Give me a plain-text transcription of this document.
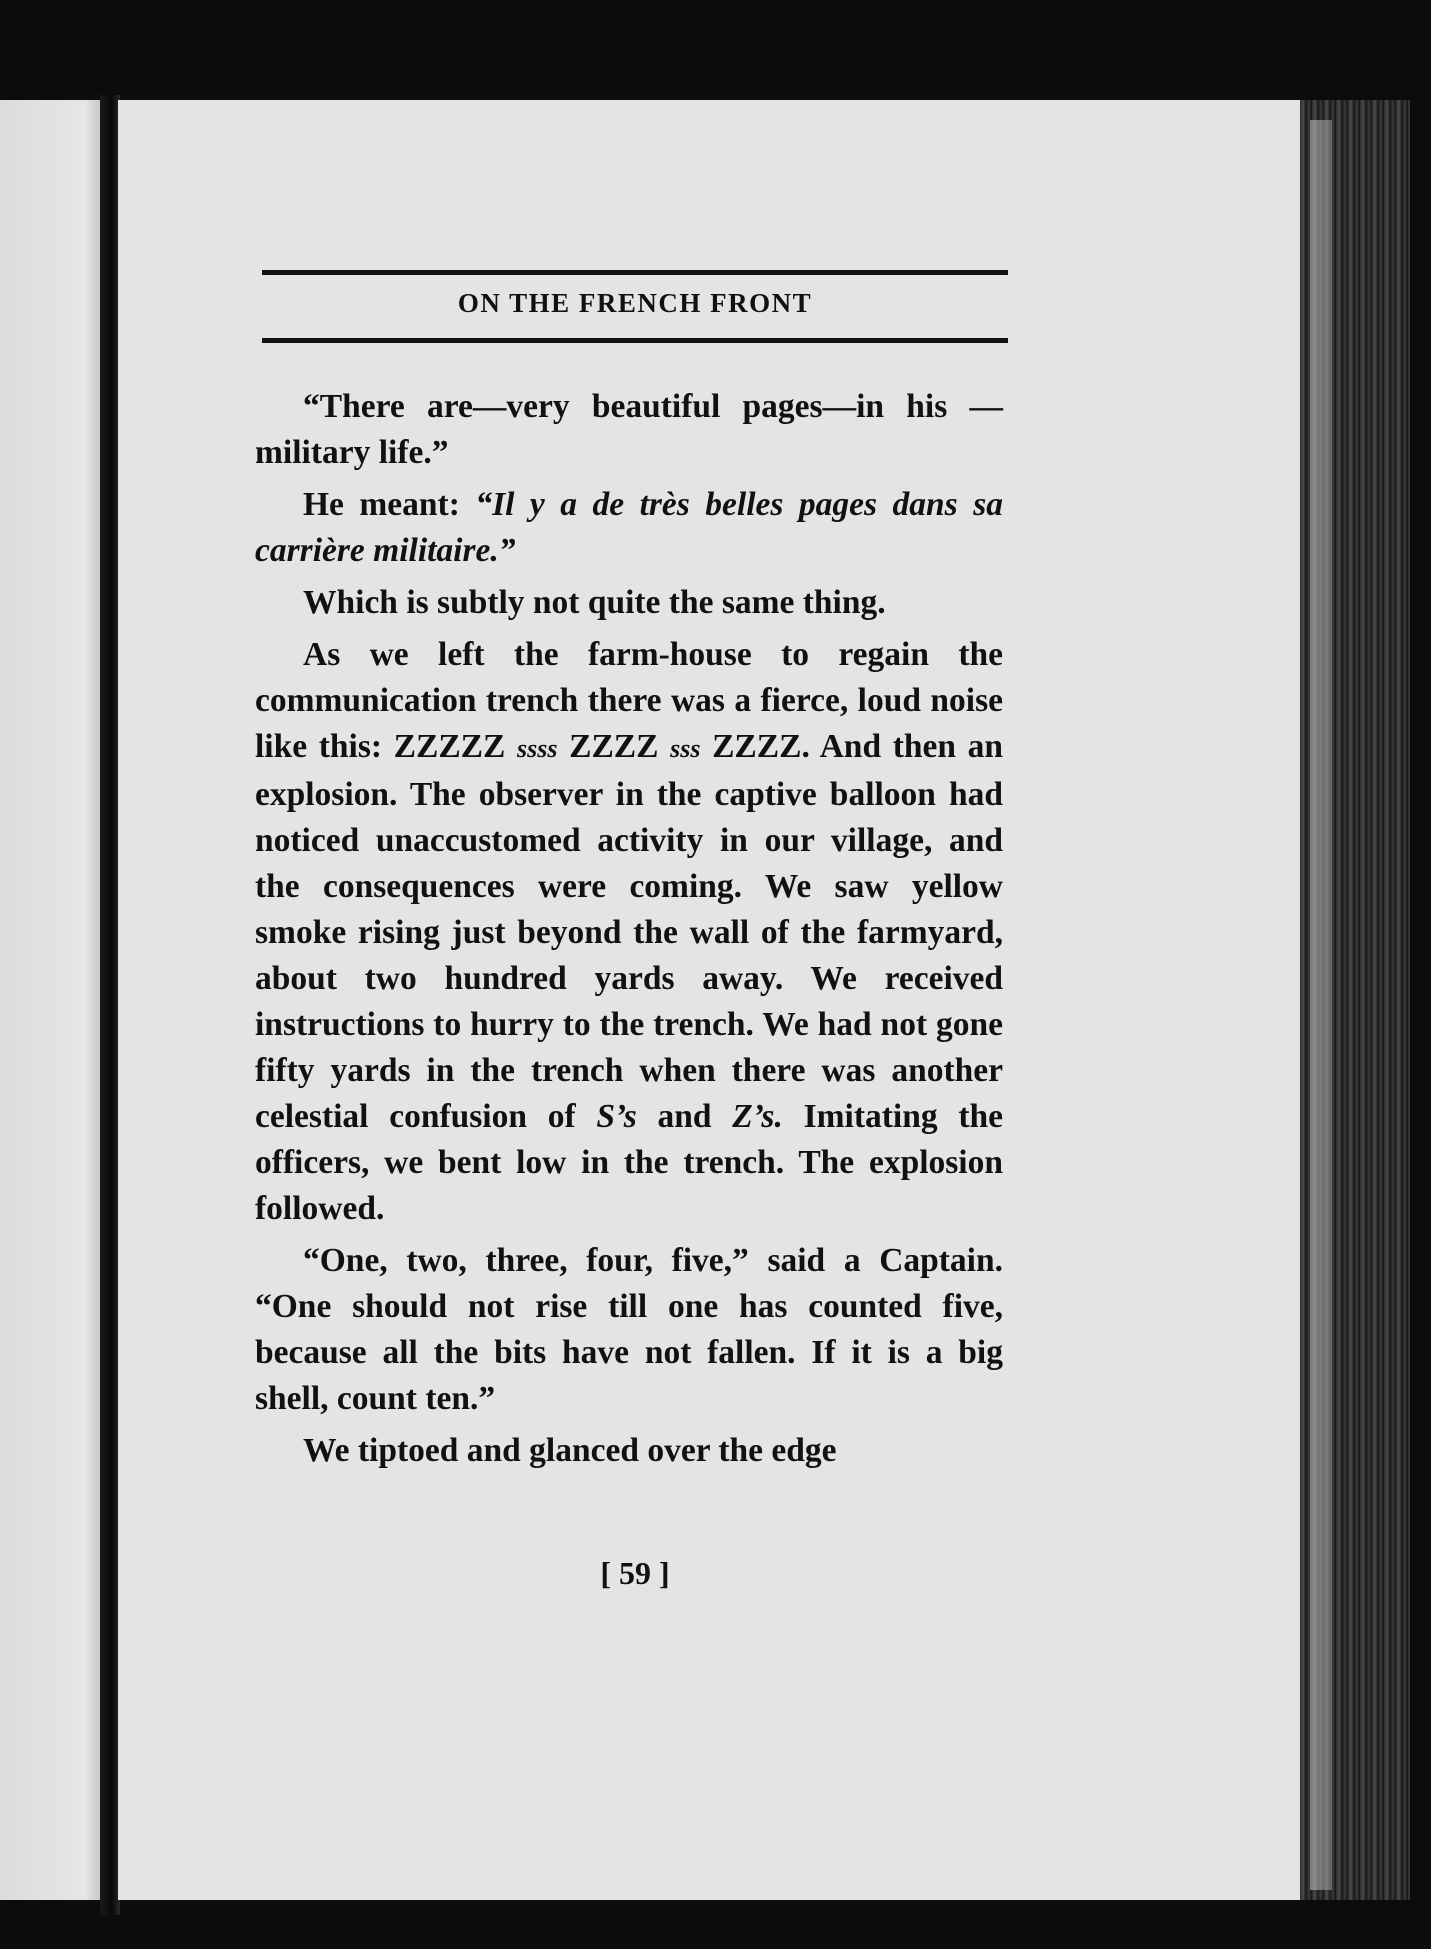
ON THE FRENCH FRONT

“There are—very beautiful pages—in his —military life.”

He meant: “Il y a de très belles pages dans sa carrière militaire.”

Which is subtly not quite the same thing.

As we left the farm-house to regain the communication trench there was a fierce, loud noise like this: ZZZZZ ssss ZZZZ sss ZZZZ. And then an explosion. The observer in the captive balloon had noticed unaccustomed activity in our village, and the consequences were coming. We saw yellow smoke rising just beyond the wall of the farmyard, about two hundred yards away. We received instructions to hurry to the trench. We had not gone fifty yards in the trench when there was another celestial confusion of S’s and Z’s. Imitating the officers, we bent low in the trench. The explosion followed.

“One, two, three, four, five,” said a Captain. “One should not rise till one has counted five, because all the bits have not fallen. If it is a big shell, count ten.”

We tiptoed and glanced over the edge

[ 59 ]
